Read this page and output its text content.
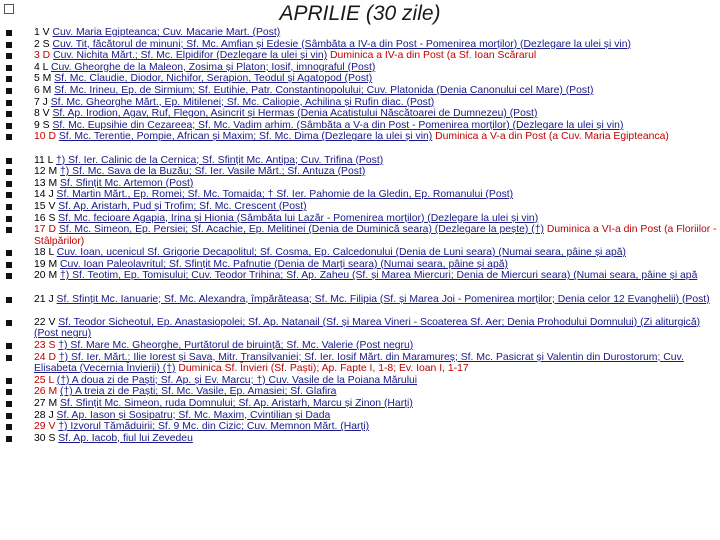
APRILIE (30 zile)
1 V Cuv. Maria Egipteanca; Cuv. Macarie Mart. (Post)
2 S Cuv. Tit, făcătorul de minuni; Sf. Mc. Amfian și Edesie (Sâmbăta a IV-a din Post - Pomenirea morților) (Dezlegare la ulei și vin)
3 D Cuv. Nichita Mărt.; Sf. Mc. Elpidifor (Dezlegare la ulei și vin) Duminica a IV-a din Post (a Sf. Ioan Scărarul
4 L Cuv. Gheorghe de la Maleon, Zosima și Platon; Iosif, imnograful (Post)
5 M Sf. Mc. Claudie, Diodor, Nichifor, Serapion, Teodul și Agatopod (Post)
6 M Sf. Mc. Irineu, Ep. de Sirmium; Sf. Eutihie, Patr. Constantinopolului; Cuv. Platonida (Denia Canonului cel Mare) (Post)
7 J Sf. Mc. Gheorghe Mărt., Ep. Mitilenei; Sf. Mc. Caliopie, Achilina și Rufin diac. (Post)
8 V Sf. Ap. Irodion, Agav, Ruf, Flegon, Asincrit și Hermas (Denia Acatistului Născătoarei de Dumnezeu) (Post)
9 S Sf. Mc. Eupsihie din Cezareea; Sf. Mc. Vadim arhim. (Sâmbăta a V-a din Post - Pomenirea morților) (Dezlegare la ulei și vin)
10 D Sf. Mc. Terentie, Pompie, African și Maxim; Sf. Mc. Dima (Dezlegare la ulei și vin) Duminica a V-a din Post (a Cuv. Maria Egipteanca)
11 L †) Sf. Ier. Calinic de la Cernica; Sf. Sfințit Mc. Antipa; Cuv. Trifina (Post)
12 M †) Sf. Mc. Sava de la Buzău; Sf. Ier. Vasile Mărt.; Sf. Antuza (Post)
13 M Sf. Sfințit Mc. Artemon (Post)
14 J Sf. Martin Mărt., Ep. Romei; Sf. Mc. Tomaida; † Sf. Ier. Pahomie de la Gledin, Ep. Romanului (Post)
15 V Sf. Ap. Aristarh, Pud și Trofim; Sf. Mc. Crescent (Post)
16 S Sf. Mc. fecioare Agapia, Irina și Hionia (Sâmbăta lui Lazăr - Pomenirea morților) (Dezlegare la ulei și vin)
17 D Sf. Mc. Simeon, Ep. Persiei; Sf. Acachie, Ep. Melitinei (Denia de Duminică seara) (Dezlegare la pește) (†) Duminica a VI-a din Post (a Floriilor - Stâlpărilor)
18 L Cuv. Ioan, ucenicul Sf. Grigorie Decapolitul; Sf. Cosma, Ep. Calcedonului (Denia de Luni seara) (Numai seara, pâine și apă)
19 M Cuv. Ioan Paleolavritul; Sf. Sfințit Mc. Pafnutie (Denia de Marți seara) (Numai seara, pâine și apă)
20 M †) Sf. Teotim, Ep. Tomisului; Cuv. Teodor Trihina; Sf. Ap. Zaheu (Sf. și Marea Miercuri; Denia de Miercuri seara) (Numai seara, pâine și apă
21 J Sf. Sfințit Mc. Ianuarie; Sf. Mc. Alexandra, împărăteasa; Sf. Mc. Filipia (Sf. și Marea Joi - Pomenirea morților; Denia celor 12 Evanghelii) (Post)
22 V Sf. Teodor Sicheotul, Ep. Anastasiopolei; Sf. Ap. Natanail (Sf. și Marea Vineri - Scoaterea Sf. Aer; Denia Prohodului Domnului) (Zi aliturgică) (Post negru)
23 S †) Sf. Mare Mc. Gheorghe, Purtătorul de biruință; Sf. Mc. Valerie (Post negru)
24 D †) Sf. Ier. Mărt.: Ilie Iorest și Sava, Mitr. Transilvaniei; Sf. Ier. Iosif Mărt. din Maramureș; Sf. Mc. Pasicrat și Valentin din Durostorum; Cuv. Elisabeta (Vecernia Învierii) (†) Duminica Sf. Învieri (Sf. Paști); Ap. Fapte I, 1-8; Ev. Ioan I, 1-17
25 L (†) A doua zi de Paști; Sf. Ap. și Ev. Marcu; †) Cuv. Vasile de la Poiana Mărului
26 M (†) A treia zi de Paști; Sf. Mc. Vasile, Ep. Amasiei; Sf. Glafira
27 M Sf. Sfințit Mc. Simeon, ruda Domnului; Sf. Ap. Aristarh, Marcu și Zinon (Harți)
28 J Sf. Ap. Iason și Sosipatru; Sf. Mc. Maxim, Cvintilian și Dada
29 V †) Izvorul Tămăduirii; Sf. 9 Mc. din Cizic; Cuv. Memnon Mărt. (Harți)
30 S Sf. Ap. Iacob, fiul lui Zevedeu
